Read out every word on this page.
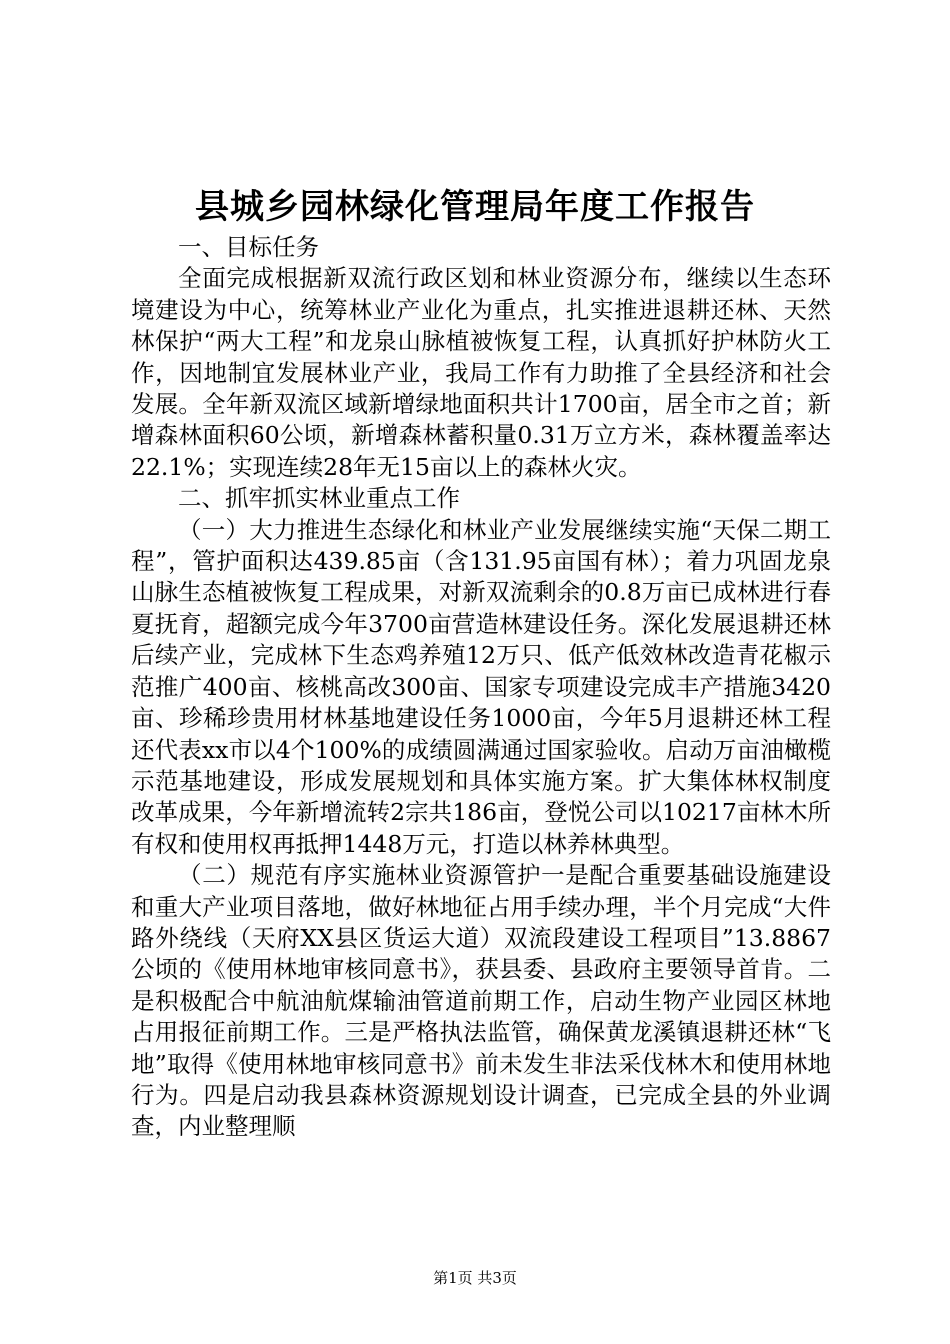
县城乡园林绿化管理局年度工作报告

一、目标任务

全面完成根据新双流行政区划和林业资源分布，继续以生态环境建设为中心，统筹林业产业化为重点，扎实推进退耕还林、天然林保护“两大工程”和龙泉山脉植被恢复工程，认真抓好护林防火工作，因地制宜发展林业产业，我局工作有力助推了全县经济和社会发展。全年新双流区域新增绿地面积共计1700亩，居全市之首；新增森林面积60公顷，新增森林蓄积量0.31万立方米，森林覆盖率达22.1%；实现连续28年无15亩以上的森林火灾。

二、抓牢抓实林业重点工作

（一）大力推进生态绿化和林业产业发展继续实施“天保二期工程”，管护面积达439.85亩（含131.95亩国有林）；着力巩固龙泉山脉生态植被恢复工程成果，对新双流剩余的0.8万亩已成林进行春夏抚育，超额完成今年3700亩营造林建设任务。深化发展退耕还林后续产业，完成林下生态鸡养殖12万只、低产低效林改造青花椒示范推广400亩、核桃高改300亩、国家专项建设完成丰产措施3420亩、珍稀珍贵用材林基地建设任务1000亩，今年5月退耕还林工程还代表xx市以4个100%的成绩圆满通过国家验收。启动万亩油橄榄示范基地建设，形成发展规划和具体实施方案。扩大集体林权制度改革成果，今年新增流转2宗共186亩，登悦公司以10217亩林木所有权和使用权再抵押1448万元，打造以林养林典型。

（二）规范有序实施林业资源管护一是配合重要基础设施建设和重大产业项目落地，做好林地征占用手续办理，半个月完成“大件路外绕线（天府XX县区货运大道）双流段建设工程项目”13.8867公顷的《使用林地审核同意书》，获县委、县政府主要领导首肯。二是积极配合中航油航煤输油管道前期工作，启动生物产业园区林地占用报征前期工作。三是严格执法监管，确保黄龙溪镇退耕还林“飞地”取得《使用林地审核同意书》前未发生非法采伐林木和使用林地行为。四是启动我县森林资源规划设计调查，已完成全县的外业调查，内业整理顺

第1页 共3页
